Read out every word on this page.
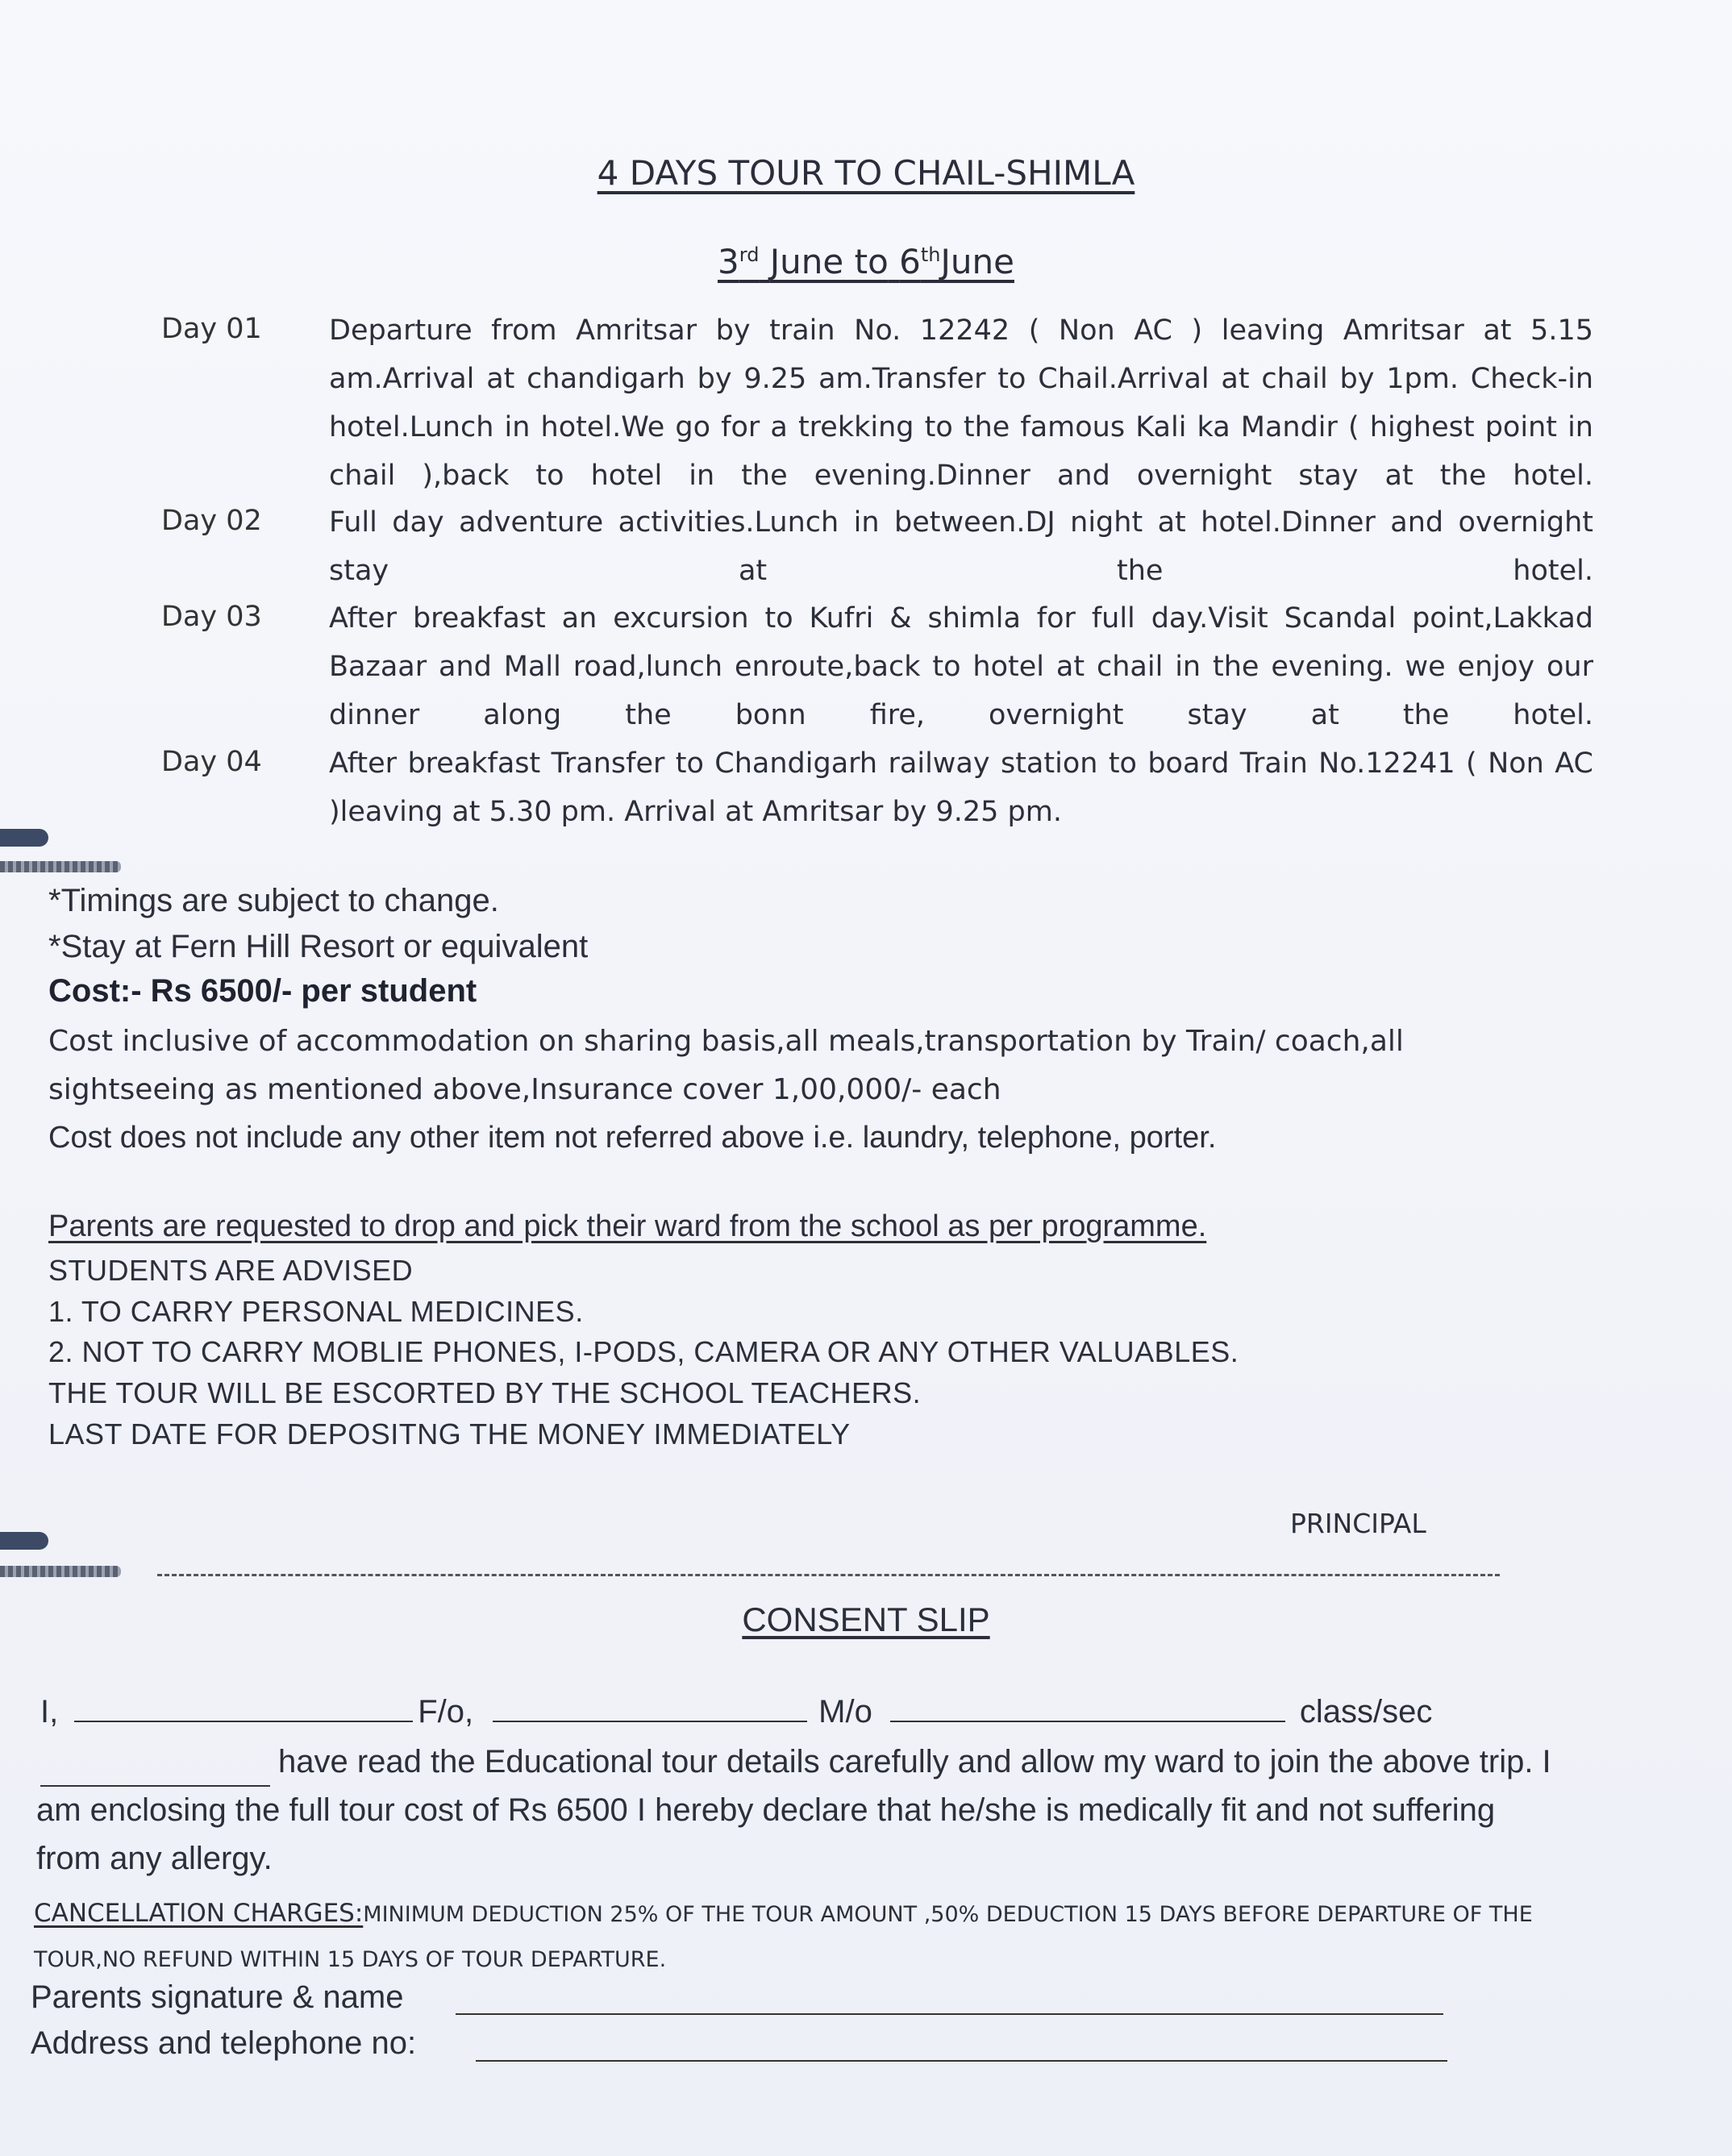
4 DAYS TOUR TO CHAIL-SHIMLA
3rd June to 6thJune
Day 01 Departure from Amritsar by train No. 12242 ( Non AC ) leaving Amritsar at 5.15 am.Arrival at chandigarh by 9.25 am.Transfer to Chail.Arrival at chail by 1pm. Check-in hotel.Lunch in hotel.We go for a trekking to the famous Kali ka Mandir ( highest point in chail ),back to hotel in the evening.Dinner and overnight stay at the hotel.
Day 02 Full day adventure activities.Lunch in between.DJ night at hotel.Dinner and overnight stay at the hotel.
Day 03 After breakfast an excursion to Kufri & shimla for full day.Visit Scandal point,Lakkad Bazaar and Mall road,lunch enroute,back to hotel at chail in the evening. we enjoy our dinner along the bonn fire, overnight stay at the hotel.
Day 04 After breakfast Transfer to Chandigarh railway station to board Train No.12241 ( Non AC )leaving at 5.30 pm. Arrival at Amritsar by 9.25 pm.
*Timings are subject to change.
*Stay at Fern Hill Resort or equivalent
Cost:- Rs 6500/- per student
Cost inclusive of accommodation on sharing basis,all meals,transportation by Train/ coach,all sightseeing as mentioned above,Insurance cover 1,00,000/- each
Cost does not include any other item not referred above i.e. laundry, telephone, porter.
Parents are requested to drop and pick their ward from the school as per programme.
STUDENTS ARE ADVISED
1. TO CARRY PERSONAL MEDICINES.
2. NOT TO CARRY MOBLIE PHONES, I-PODS, CAMERA OR ANY OTHER VALUABLES.
THE TOUR WILL BE ESCORTED BY THE SCHOOL TEACHERS.
LAST DATE FOR DEPOSITNG THE MONEY IMMEDIATELY
PRINCIPAL
CONSENT SLIP
I,	F/o,	M/o	class/sec
have read the Educational tour details carefully and allow my ward to join the above trip. I am enclosing the full tour cost of Rs 6500 I hereby declare that he/she is medically fit and not suffering from any allergy.
CANCELLATION CHARGES:MINIMUM DEDUCTION 25% OF THE TOUR AMOUNT ,50% DEDUCTION 15 DAYS BEFORE DEPARTURE OF THE TOUR,NO REFUND WITHIN 15 DAYS OF TOUR DEPARTURE.
Parents signature & name
Address and telephone no:
